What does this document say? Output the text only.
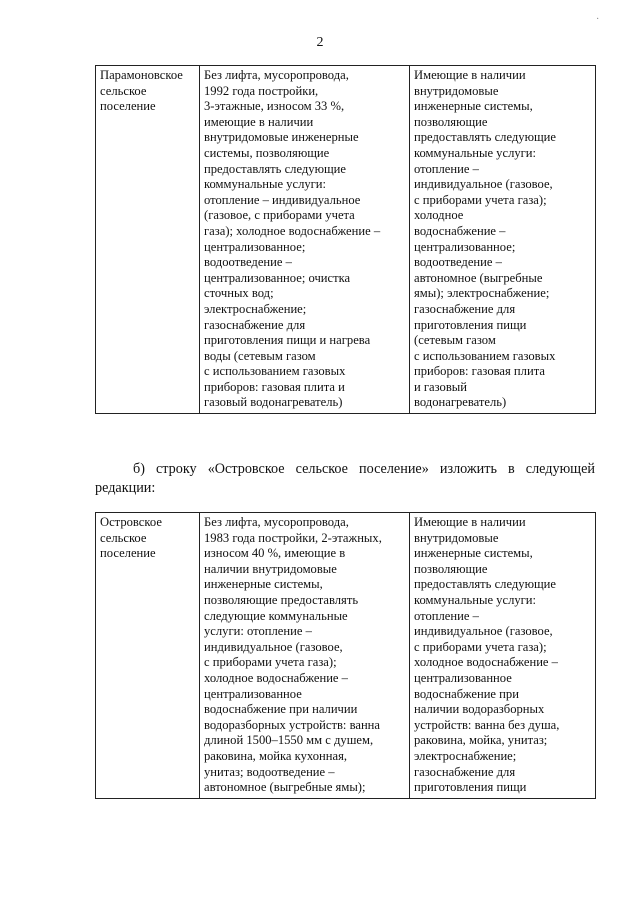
·
2
Парамоновское
сельское
поселение	Без лифта, мусоропровода,
1992 года постройки,
3-этажные, износом 33 %,
имеющие в наличии
внутридомовые инженерные
системы, позволяющие
предоставлять следующие
коммунальные услуги:
отопление – индивидуальное
(газовое, с приборами учета
газа); холодное водоснабжение –
централизованное;
водоотведение –
централизованное; очистка
сточных вод;
электроснабжение;
газоснабжение для
приготовления пищи и нагрева
воды (сетевым газом
с использованием газовых
приборов: газовая плита и
газовый водонагреватель)	Имеющие в наличии
внутридомовые
инженерные системы,
позволяющие
предоставлять следующие
коммунальные услуги:
отопление –
индивидуальное (газовое,
с приборами учета газа);
холодное
водоснабжение –
централизованное;
водоотведение –
автономное (выгребные
ямы); электроснабжение;
газоснабжение для
приготовления пищи
(сетевым газом
с использованием газовых
приборов: газовая плита
и газовый
водонагреватель)
б) строку «Островское сельское поселение» изложить в следующей редакции:
Островское
сельское
поселение	Без лифта, мусоропровода,
1983 года постройки, 2-этажных,
износом 40 %, имеющие в
наличии внутридомовые
инженерные системы,
позволяющие предоставлять
следующие коммунальные
услуги: отопление –
индивидуальное (газовое,
с приборами учета газа);
холодное водоснабжение –
централизованное
водоснабжение при наличии
водоразборных устройств: ванна
длиной 1500–1550 мм с душем,
раковина, мойка кухонная,
унитаз; водоотведение –
автономное (выгребные ямы);	Имеющие в наличии
внутридомовые
инженерные системы,
позволяющие
предоставлять следующие
коммунальные услуги:
отопление –
индивидуальное (газовое,
с приборами учета газа);
холодное водоснабжение –
централизованное
водоснабжение при
наличии водоразборных
устройств: ванна без душа,
раковина, мойка, унитаз;
электроснабжение;
газоснабжение для
приготовления пищи
